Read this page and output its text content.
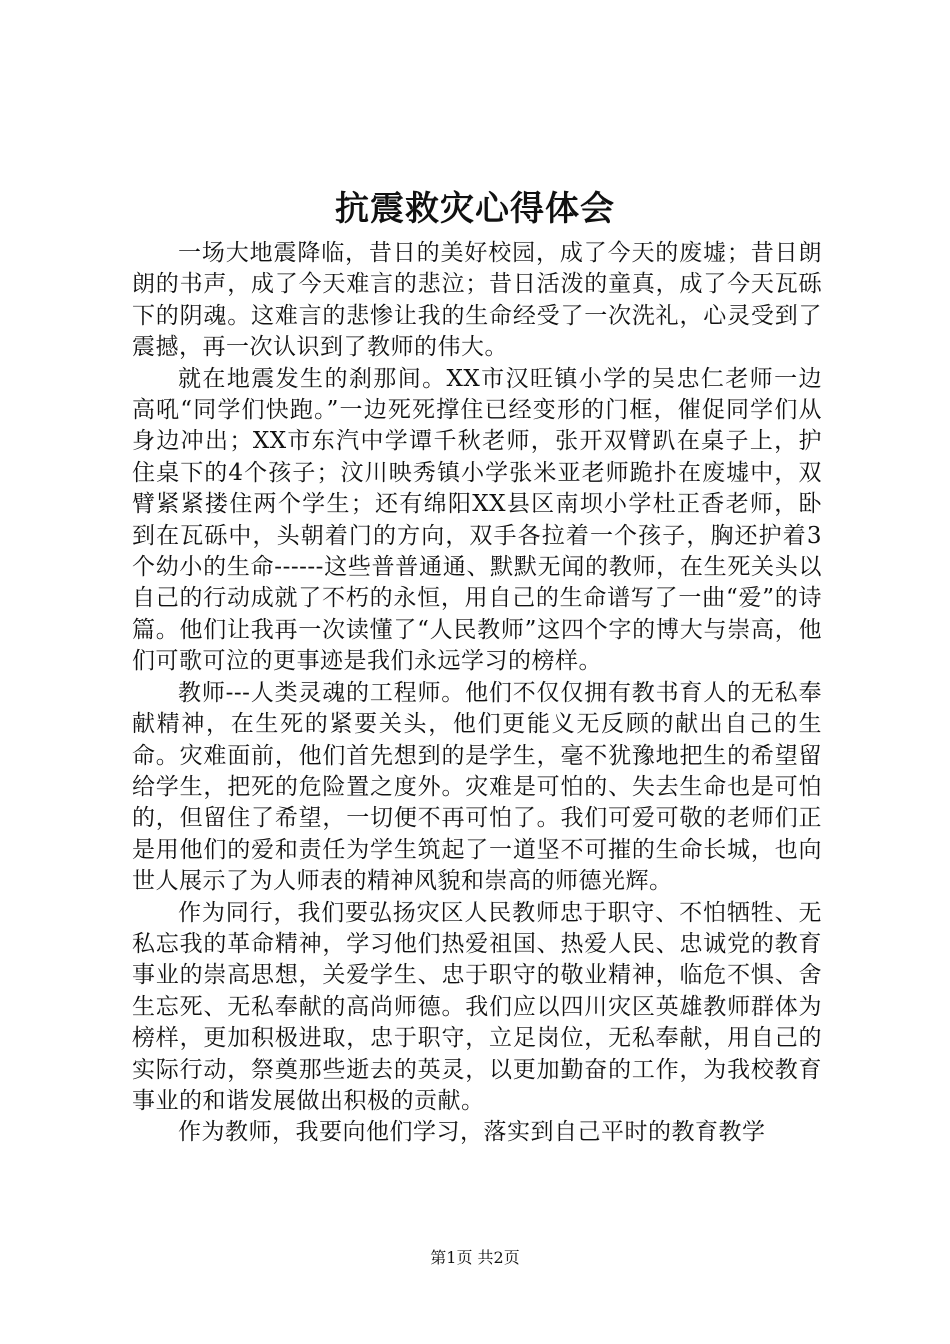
抗震救灾心得体会

一场大地震降临，昔日的美好校园，成了今天的废墟；昔日朗朗的书声，成了今天难言的悲泣；昔日活泼的童真，成了今天瓦砾下的阴魂。这难言的悲惨让我的生命经受了一次洗礼，心灵受到了震撼，再一次认识到了教师的伟大。

就在地震发生的刹那间。XX市汉旺镇小学的吴忠仁老师一边高吼“同学们快跑。”一边死死撑住已经变形的门框，催促同学们从身边冲出；XX市东汽中学谭千秋老师，张开双臂趴在桌子上，护住桌下的4个孩子；汶川映秀镇小学张米亚老师跪扑在废墟中，双臂紧紧搂住两个学生；还有绵阳XX县区南坝小学杜正香老师，卧到在瓦砾中，头朝着门的方向，双手各拉着一个孩子，胸还护着3个幼小的生命------这些普普通通、默默无闻的教师，在生死关头以自己的行动成就了不朽的永恒，用自己的生命谱写了一曲“爱”的诗篇。他们让我再一次读懂了“人民教师”这四个字的博大与崇高，他们可歌可泣的更事迹是我们永远学习的榜样。

教师---人类灵魂的工程师。他们不仅仅拥有教书育人的无私奉献精神，在生死的紧要关头，他们更能义无反顾的献出自己的生命。灾难面前，他们首先想到的是学生，毫不犹豫地把生的希望留给学生，把死的危险置之度外。灾难是可怕的、失去生命也是可怕的，但留住了希望，一切便不再可怕了。我们可爱可敬的老师们正是用他们的爱和责任为学生筑起了一道坚不可摧的生命长城，也向世人展示了为人师表的精神风貌和崇高的师德光辉。

作为同行，我们要弘扬灾区人民教师忠于职守、不怕牺牲、无私忘我的革命精神，学习他们热爱祖国、热爱人民、忠诚党的教育事业的崇高思想，关爱学生、忠于职守的敬业精神，临危不惧、舍生忘死、无私奉献的高尚师德。我们应以四川灾区英雄教师群体为榜样，更加积极进取，忠于职守，立足岗位，无私奉献，用自己的实际行动，祭奠那些逝去的英灵，以更加勤奋的工作，为我校教育事业的和谐发展做出积极的贡献。

作为教师，我要向他们学习，落实到自己平时的教育教学

第1页 共2页
